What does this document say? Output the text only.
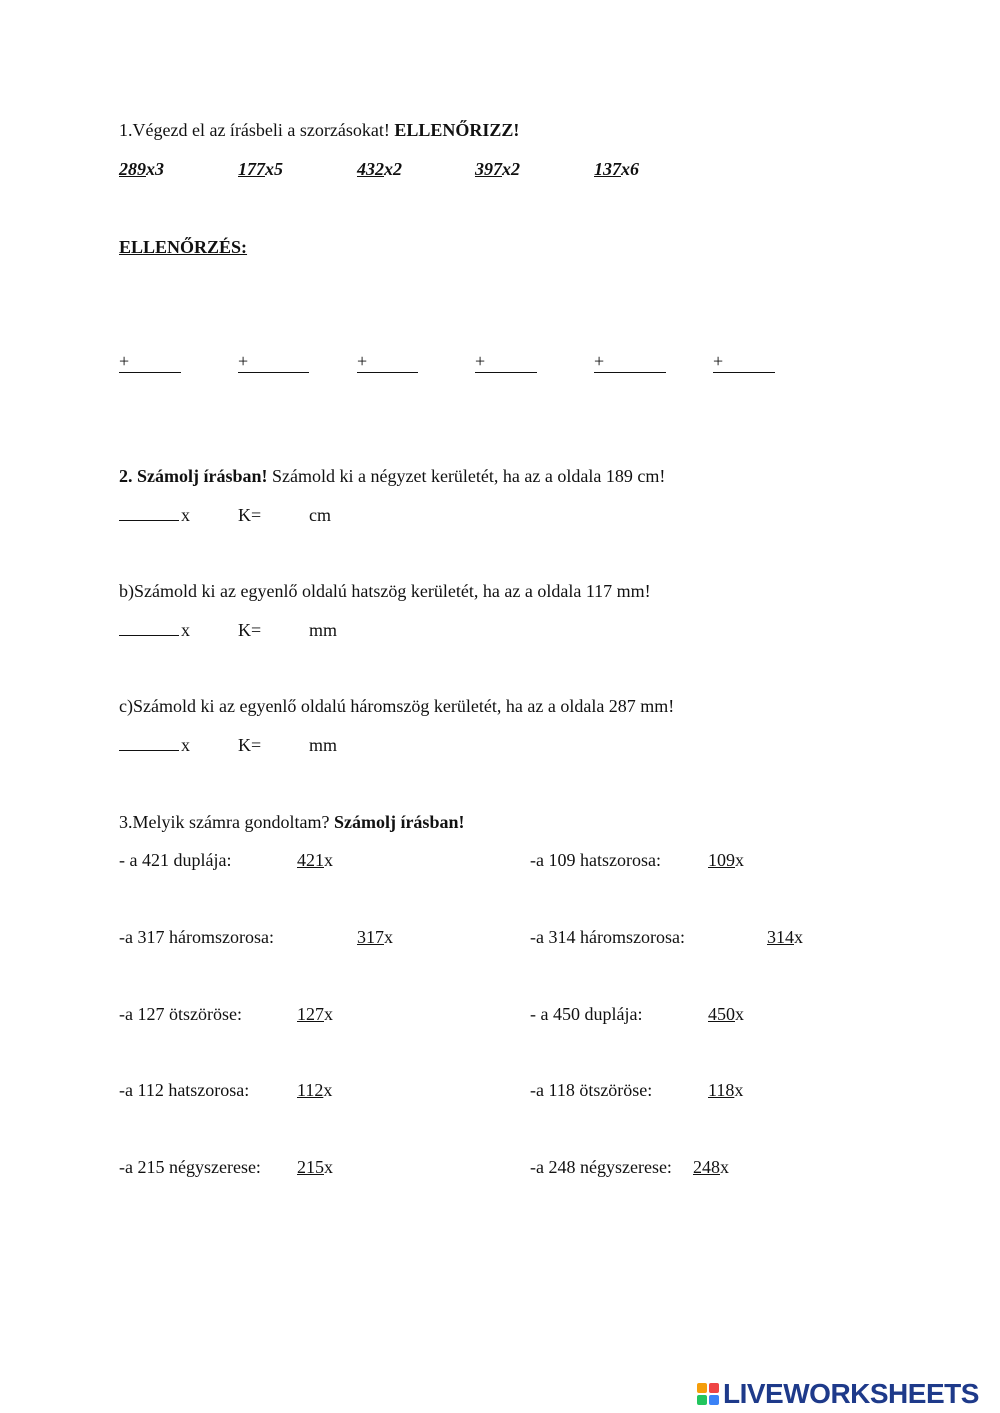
1.Végezd el az írásbeli a szorzásokat! ELLENŐRIZZ!
289x3	177x5	432x2	397x2	137x6
ELLENŐRZÉS:
+	+	+	+	+	+
2. Számolj írásban! Számold ki a négyzet kerületét, ha az a oldala 189 cm!
x	K=	cm
b)Számold ki az egyenlő oldalú hatszög kerületét, ha az a oldala 117 mm!
x	K=	mm
c)Számold ki az egyenlő oldalú háromszög kerületét, ha az a oldala 287 mm!
x	K=	mm
3.Melyik számra gondoltam? Számolj írásban!
- a 421 duplája:	421x
-a 317 háromszorosa:	317x
-a 127 ötszöröse:	127x
-a 112 hatszorosa:	112x
-a 215 négyszerese: 215x
-a 109 hatszorosa:	109x
-a 314 háromszorosa:	314x
- a 450 duplája:	450x
-a 118 ötszöröse:	118x
-a 248 négyszerese: 248x
LIVEWORKSHEETS
